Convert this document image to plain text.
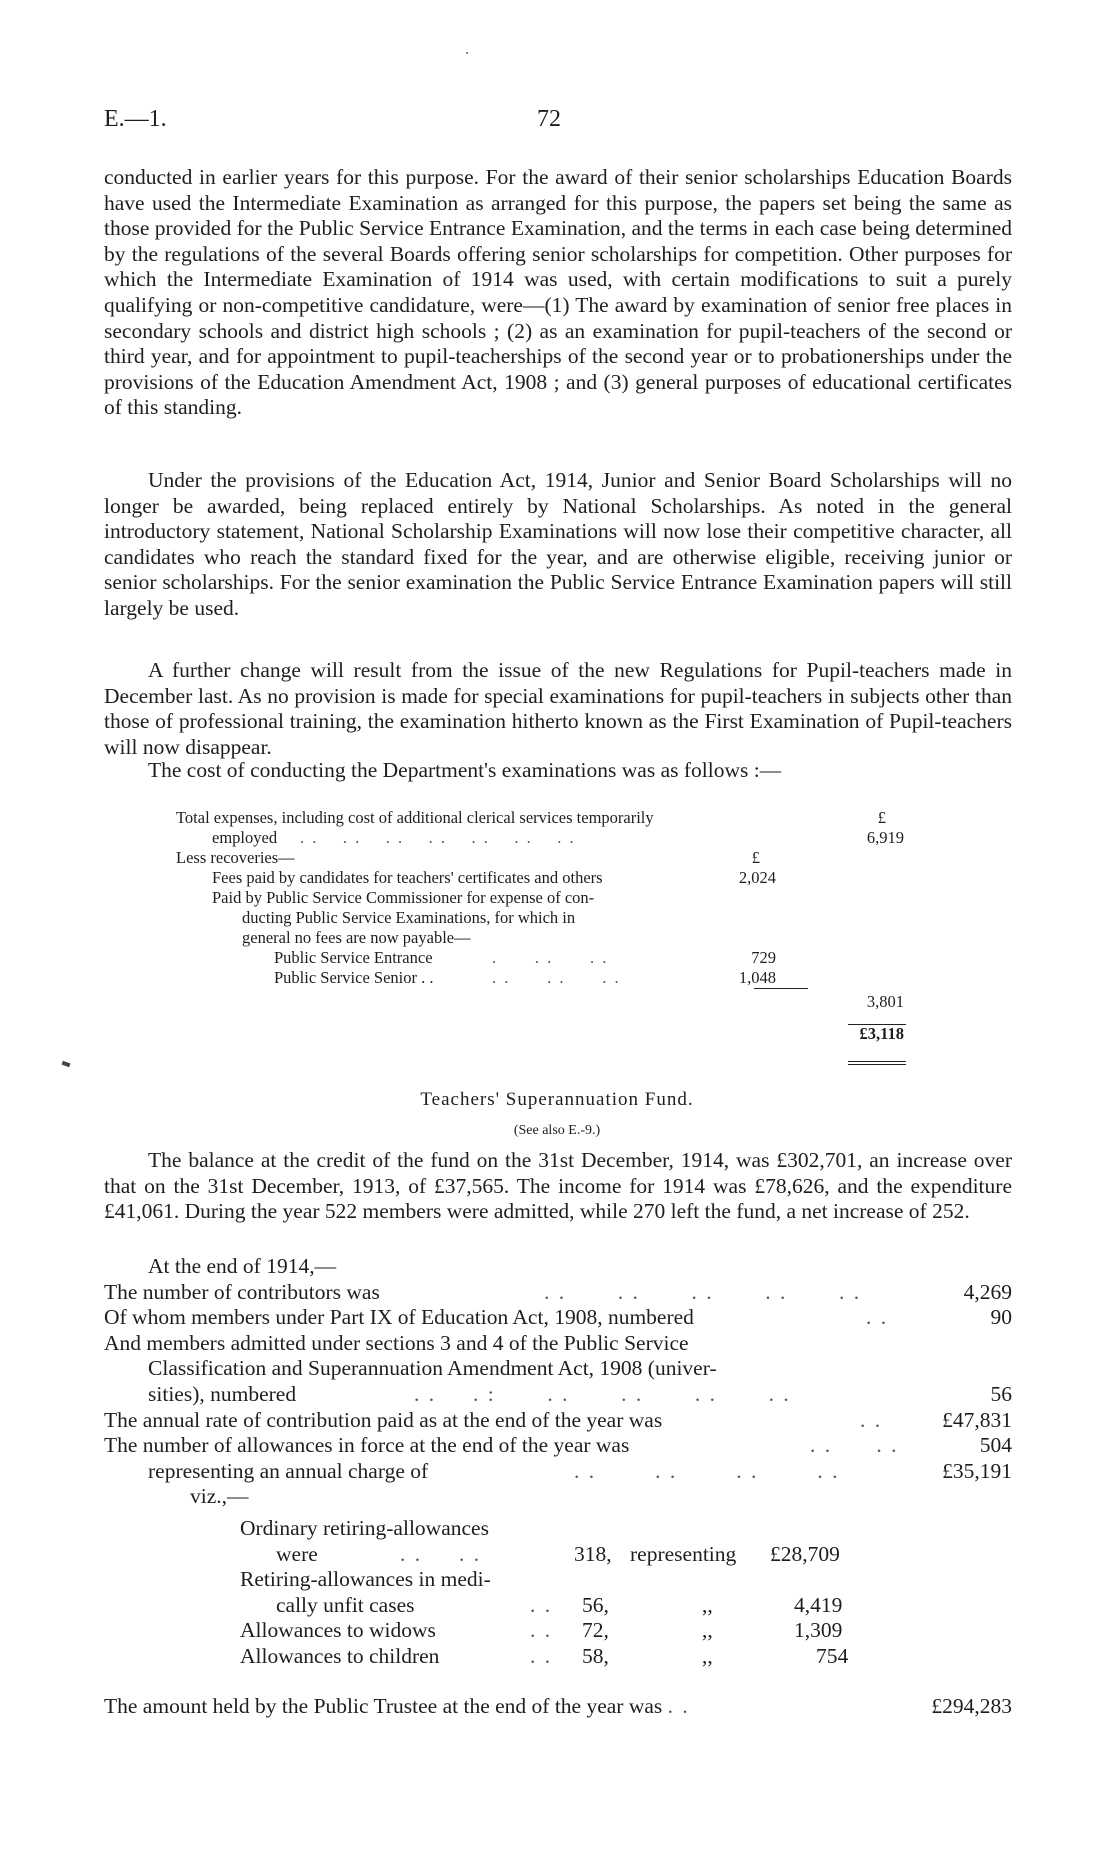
E.—1.	72

conducted in earlier years for this purpose. For the award of their senior scholarships Education Boards have used the Intermediate Examination as arranged for this purpose, the papers set being the same as those provided for the Public Service Entrance Examination, and the terms in each case being determined by the regulations of the several Boards offering senior scholarships for competition. Other purposes for which the Intermediate Examination of 1914 was used, with certain modifications to suit a purely qualifying or non-competitive candidature, were—(1) The award by examination of senior free places in secondary schools and district high schools ; (2) as an examination for pupil-teachers of the second or third year, and for appointment to pupil-teacherships of the second year or to probationerships under the provisions of the Education Amendment Act, 1908 ; and (3) general purposes of educational certificates of this standing.

Under the provisions of the Education Act, 1914, Junior and Senior Board Scholarships will no longer be awarded, being replaced entirely by National Scholarships. As noted in the general introductory statement, National Scholarship Examinations will now lose their competitive character, all candidates who reach the standard fixed for the year, and are otherwise eligible, receiving junior or senior scholarships. For the senior examination the Public Service Entrance Examination papers will still largely be used.

A further change will result from the issue of the new Regulations for Pupil-teachers made in December last. As no provision is made for special examinations for pupil-teachers in subjects other than those of professional training, the examination hitherto known as the First Examination of Pupil-teachers will now disappear.

The cost of conducting the Department's examinations was as follows :—

Total expenses, including cost of additional clerical services temporarily	£
employed . .    . .    . .    . .    . .    . .    . .	6,919
Less recoveries—	£
Fees paid by candidates for teachers' certificates and others	2,024
Paid by Public Service Commissioner for expense of con-
ducting Public Service Examinations, for which in
general no fees are now payable—
Public Service Entrance	.      . .      . .	729
Public Service Senior . .	. .      . .      . .	1,048
3,801
£3,118
Teachers' Superannuation Fund.
(See also E.-9.)

The balance at the credit of the fund on the 31st December, 1914, was £302,701, an increase over that on the 31st December, 1913, of £37,565. The income for 1914 was £78,626, and the expenditure £41,061. During the year 522 members were admitted, while 270 left the fund, a net increase of 252.

At the end of 1914,—
The number of contributors was	. .       . .       . .       . .       . .	4,269
Of whom members under Part IX of Education Act, 1908, numbered	. .	90
And members admitted under sections 3 and 4 of the Public Service
Classification and Superannuation Amendment Act, 1908 (univer-
sities), numbered	. .     . :       . .       . .       . .       . .	56
The annual rate of contribution paid as at the end of the year was	. .	£47,831
The number of allowances in force at the end of the year was	. .      . .	504
representing an annual charge of	. .        . .        . .        . .	£35,191
viz.,—
Ordinary retiring-allowances
were	. .     . .	318, representing £28,709
Retiring-allowances in medi-
cally unfit cases	. . 56,	,,	4,419
Allowances to widows	. . 72,	,,	1,309
Allowances to children	. . 58,	,,	754
The amount held by the Public Trustee at the end of the year was . .	£294,283
